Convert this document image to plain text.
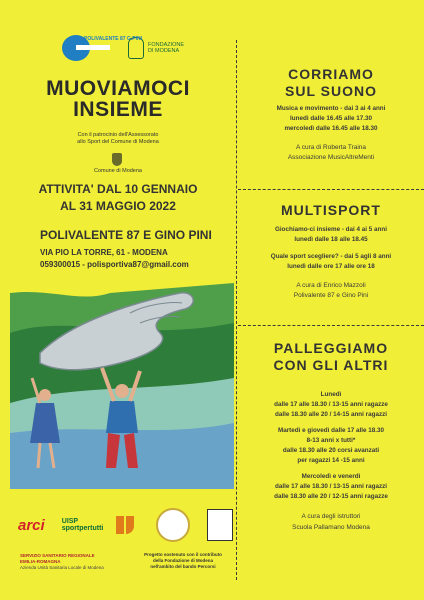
POLIVALENTE 87 G.PINI
FONDAZIONE DI MODENA
MUOVIAMOCI
INSIEME
Con il patrocinio dell'Assessorato
allo Sport del Comune di Modena
Comune di Modena
ATTIVITA' DAL 10 GENNAIO
AL 31 MAGGIO 2022
POLIVALENTE 87 E GINO PINI
VIA PIO LA TORRE, 61 - MODENA
059300015 - polisportiva87@gmail.com
arci UISP sportpertutti
SERVIZIO SANITARIO REGIONALE
EMILIA-ROMAGNA
Azienda Unità Sanitaria Locale di Modena
Progetto sostenuto con il contributo
della Fondazione di Modena
nell'ambito del bando Percorsi
CORRIAMO
SUL SUONO
Musica e movimento - dai 3 ai 4 anni
lunedì dalle 16.45 alle 17.30
mercoledì dalle 16.45 alle 18.30
A cura di Roberta Traina
Associazione MusicAltreMenti
MULTISPORT
Giochiamo-ci insieme - dai 4 ai 5 anni
lunedì dalle 18 alle 18.45
Quale sport scegliere? - dai 5 agli 8 anni
lunedì dalle ore 17 alle ore 18
A cura di Enrico Mazzoli
Polivalente 87 e Gino Pini
PALLEGGIAMO
CON GLI ALTRI
Lunedì
dalle 17 alle 18.30 / 13-15 anni ragazze
dalle 18.30 alle 20 / 14-15 anni ragazzi
Martedì e giovedì dalle 17 alle 18.30
8-13 anni x tutti*
dalle 18.30 alle 20 corsi avanzati
per ragazzi 14 -15 anni
Mercoledì e venerdì
dalle 17 alle 18.30 / 13-15 anni ragazzi
dalle 18.30 alle 20 / 12-15 anni ragazze
A cura degli istruttori
Scuola Pallamano Modena
